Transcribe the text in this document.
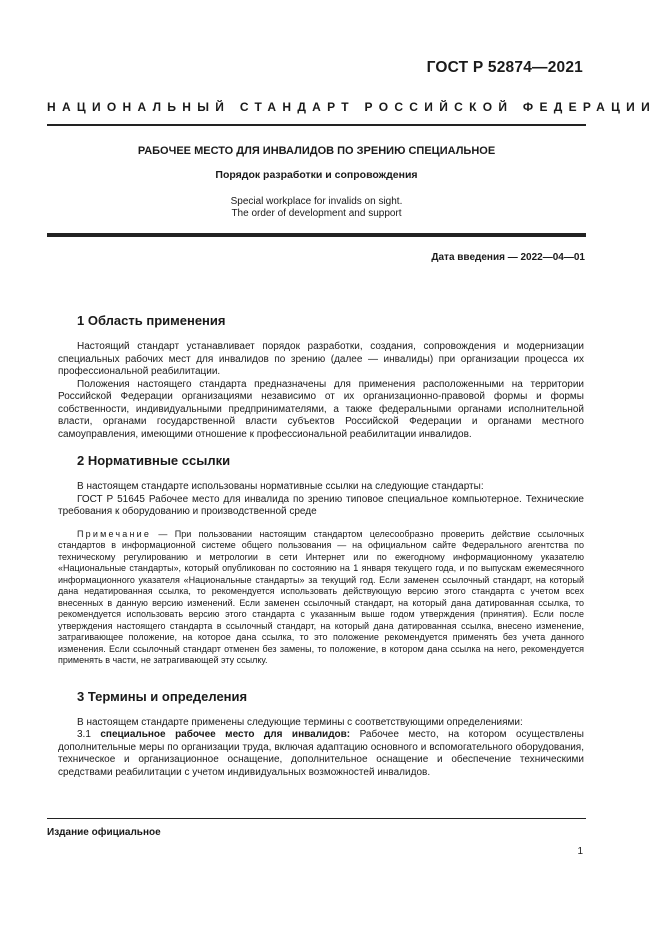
ГОСТ Р 52874—2021
НАЦИОНАЛЬНЫЙ СТАНДАРТ РОССИЙСКОЙ ФЕДЕРАЦИИ
РАБОЧЕЕ МЕСТО ДЛЯ ИНВАЛИДОВ ПО ЗРЕНИЮ СПЕЦИАЛЬНОЕ
Порядок разработки и сопровождения
Special workplace for invalids on sight.
The order of development and support
Дата введения — 2022—04—01
1 Область применения

Настоящий стандарт устанавливает порядок разработки, создания, сопровождения и модернизации специальных рабочих мест для инвалидов по зрению (далее — инвалиды) при организации процесса их профессиональной реабилитации.

Положения настоящего стандарта предназначены для применения расположенными на территории Российской Федерации организациями независимо от их организационно-правовой формы и формы собственности, индивидуальными предпринимателями, а также федеральными органами исполнительной власти, органами государственной власти субъектов Российской Федерации и органами местного самоуправления, имеющими отношение к профессиональной реабилитации инвалидов.

2 Нормативные ссылки

В настоящем стандарте использованы нормативные ссылки на следующие стандарты:

ГОСТ Р 51645 Рабочее место для инвалида по зрению типовое специальное компьютерное. Технические требования к оборудованию и производственной среде

Примечание — При пользовании настоящим стандартом целесообразно проверить действие ссылочных стандартов в информационной системе общего пользования — на официальном сайте Федерального агентства по техническому регулированию и метрологии в сети Интернет или по ежегодному информационному указателю «Национальные стандарты», который опубликован по состоянию на 1 января текущего года, и по выпускам ежемесячного информационного указателя «Национальные стандарты» за текущий год. Если заменен ссылочный стандарт, на который дана недатированная ссылка, то рекомендуется использовать действующую версию этого стандарта с учетом всех внесенных в данную версию изменений. Если заменен ссылочный стандарт, на который дана датированная ссылка, то рекомендуется использовать версию этого стандарта с указанным выше годом утверждения (принятия). Если после утверждения настоящего стандарта в ссылочный стандарт, на который дана датированная ссылка, внесено изменение, затрагивающее положение, на которое дана ссылка, то это положение рекомендуется применять без учета данного изменения. Если ссылочный стандарт отменен без замены, то положение, в котором дана ссылка на него, рекомендуется применять в части, не затрагивающей эту ссылку.
3 Термины и определения

В настоящем стандарте применены следующие термины с соответствующими определениями:

3.1 специальное рабочее место для инвалидов: Рабочее место, на котором осуществлены дополнительные меры по организации труда, включая адаптацию основного и вспомогательного оборудования, техническое и организационное оснащение, дополнительное оснащение и обеспечение техническими средствами реабилитации с учетом индивидуальных возможностей инвалидов.

Издание официальное
1
